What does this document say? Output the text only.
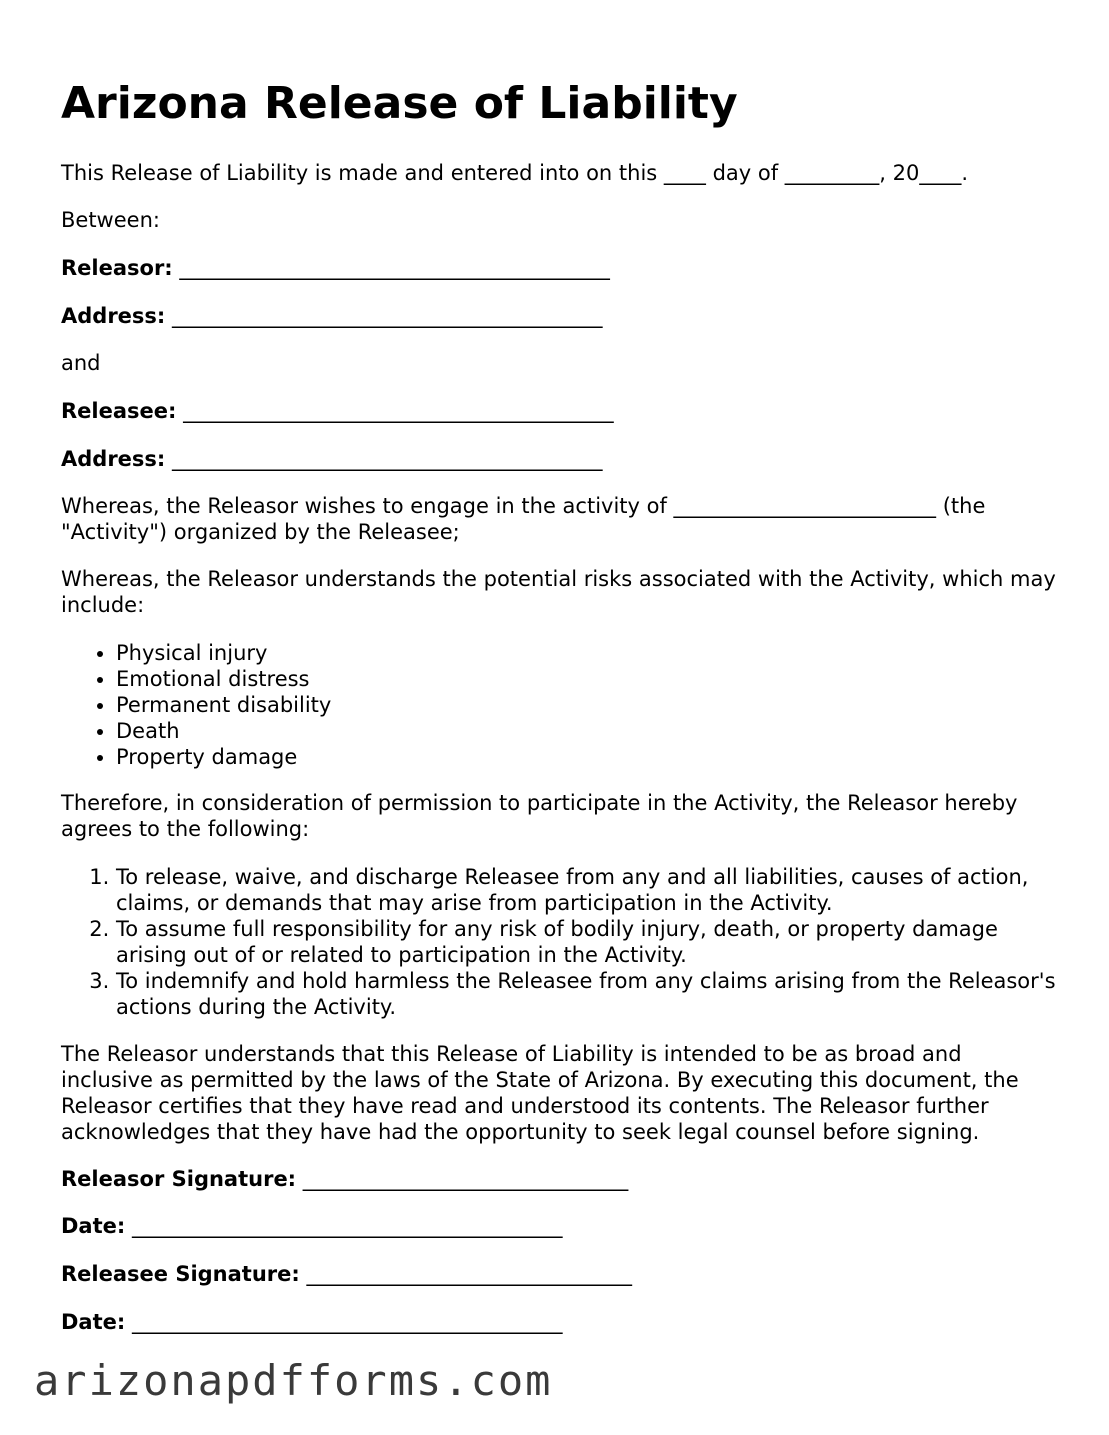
Arizona Release of Liability

This Release of Liability is made and entered into on this ____ day of _________, 20____.

Between:

Releasor: _________________________________________

Address: _________________________________________

and

Releasee: _________________________________________

Address: _________________________________________

Whereas, the Releasor wishes to engage in the activity of _________________________ (the "Activity") organized by the Releasee;

Whereas, the Releasor understands the potential risks associated with the Activity, which may include:

• Physical injury
• Emotional distress
• Permanent disability
• Death
• Property damage

Therefore, in consideration of permission to participate in the Activity, the Releasor hereby agrees to the following:

1. To release, waive, and discharge Releasee from any and all liabilities, causes of action, claims, or demands that may arise from participation in the Activity.
2. To assume full responsibility for any risk of bodily injury, death, or property damage arising out of or related to participation in the Activity.
3. To indemnify and hold harmless the Releasee from any claims arising from the Releasor's actions during the Activity.

The Releasor understands that this Release of Liability is intended to be as broad and inclusive as permitted by the laws of the State of Arizona. By executing this document, the Releasor certifies that they have read and understood its contents. The Releasor further acknowledges that they have had the opportunity to seek legal counsel before signing.

Releasor Signature: _______________________________

Date: _________________________________________

Releasee Signature: _______________________________

Date: _________________________________________

arizonapdfforms.com
